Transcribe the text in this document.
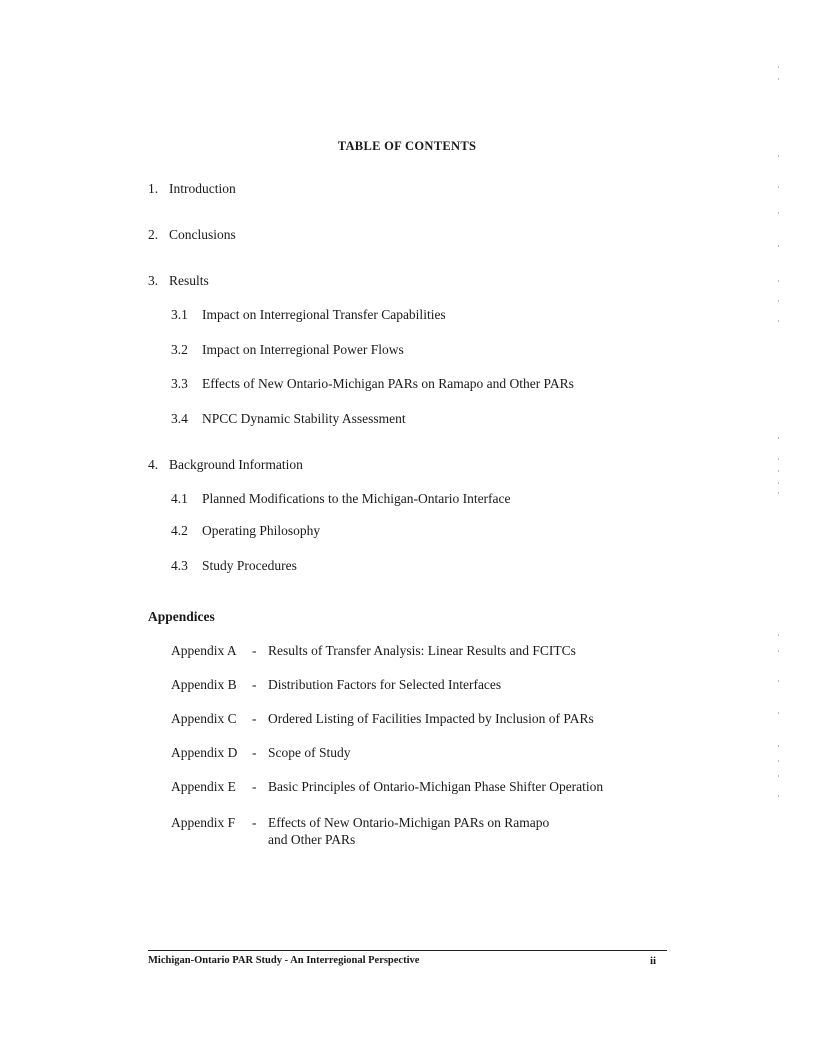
TABLE OF CONTENTS
1. Introduction
2. Conclusions
3. Results
3.1 Impact on Interregional Transfer Capabilities
3.2 Impact on Interregional Power Flows
3.3 Effects of New Ontario-Michigan PARs on Ramapo and Other PARs
3.4 NPCC Dynamic Stability Assessment
4. Background Information
4.1 Planned Modifications to the Michigan-Ontario Interface
4.2 Operating Philosophy
4.3 Study Procedures
Appendices
Appendix A - Results of Transfer Analysis: Linear Results and FCITCs
Appendix B - Distribution Factors for Selected Interfaces
Appendix C - Ordered Listing of Facilities Impacted by Inclusion of PARs
Appendix D - Scope of Study
Appendix E - Basic Principles of Ontario-Michigan Phase Shifter Operation
Appendix F - Effects of New Ontario-Michigan PARs on Ramapo
and Other PARs
Michigan-Ontario PAR Study - An Interregional Perspective	ii
